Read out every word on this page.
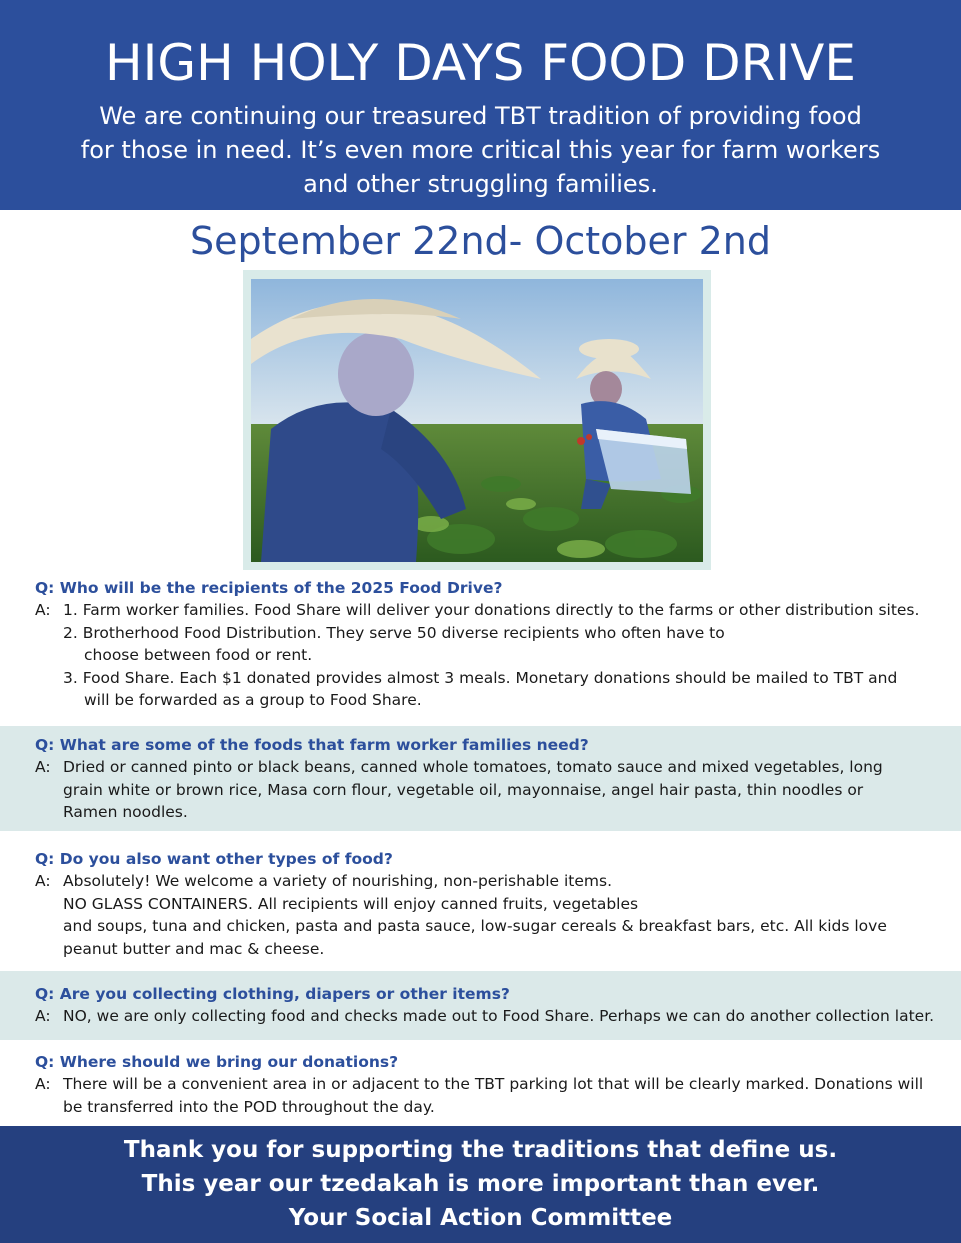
HIGH HOLY DAYS FOOD DRIVE
We are continuing our treasured TBT tradition of providing food
for those in need. It’s even more critical this year for farm workers
and other struggling families.
September 22nd- October 2nd
Q: Who will be the recipients of the 2025 Food Drive?
A: 1. Farm worker families. Food Share will deliver your donations directly to the farms or other distribution sites.
2. Brotherhood Food Distribution. They serve 50 diverse recipients who often have to
choose between food or rent.
3. Food Share. Each $1 donated provides almost 3 meals. Monetary donations should be mailed to TBT and
will be forwarded as a group to Food Share.
Q: What are some of the foods that farm worker families need?
A: Dried or canned pinto or black beans, canned whole tomatoes, tomato sauce and mixed vegetables, long
grain white or brown rice, Masa corn flour, vegetable oil, mayonnaise, angel hair pasta, thin noodles or
Ramen noodles.
Q: Do you also want other types of food?
A: Absolutely! We welcome a variety of nourishing, non-perishable items.
NO GLASS CONTAINERS. All recipients will enjoy canned fruits, vegetables
and soups, tuna and chicken, pasta and pasta sauce, low-sugar cereals & breakfast bars, etc. All kids love
peanut butter and mac & cheese.
Q: Are you collecting clothing, diapers or other items?
A: NO, we are only collecting food and checks made out to Food Share. Perhaps we can do another collection later.
Q: Where should we bring our donations?
A: There will be a convenient area in or adjacent to the TBT parking lot that will be clearly marked. Donations will
be transferred into the POD throughout the day.
Thank you for supporting the traditions that define us.
This year our tzedakah is more important than ever.
Your Social Action Committee
